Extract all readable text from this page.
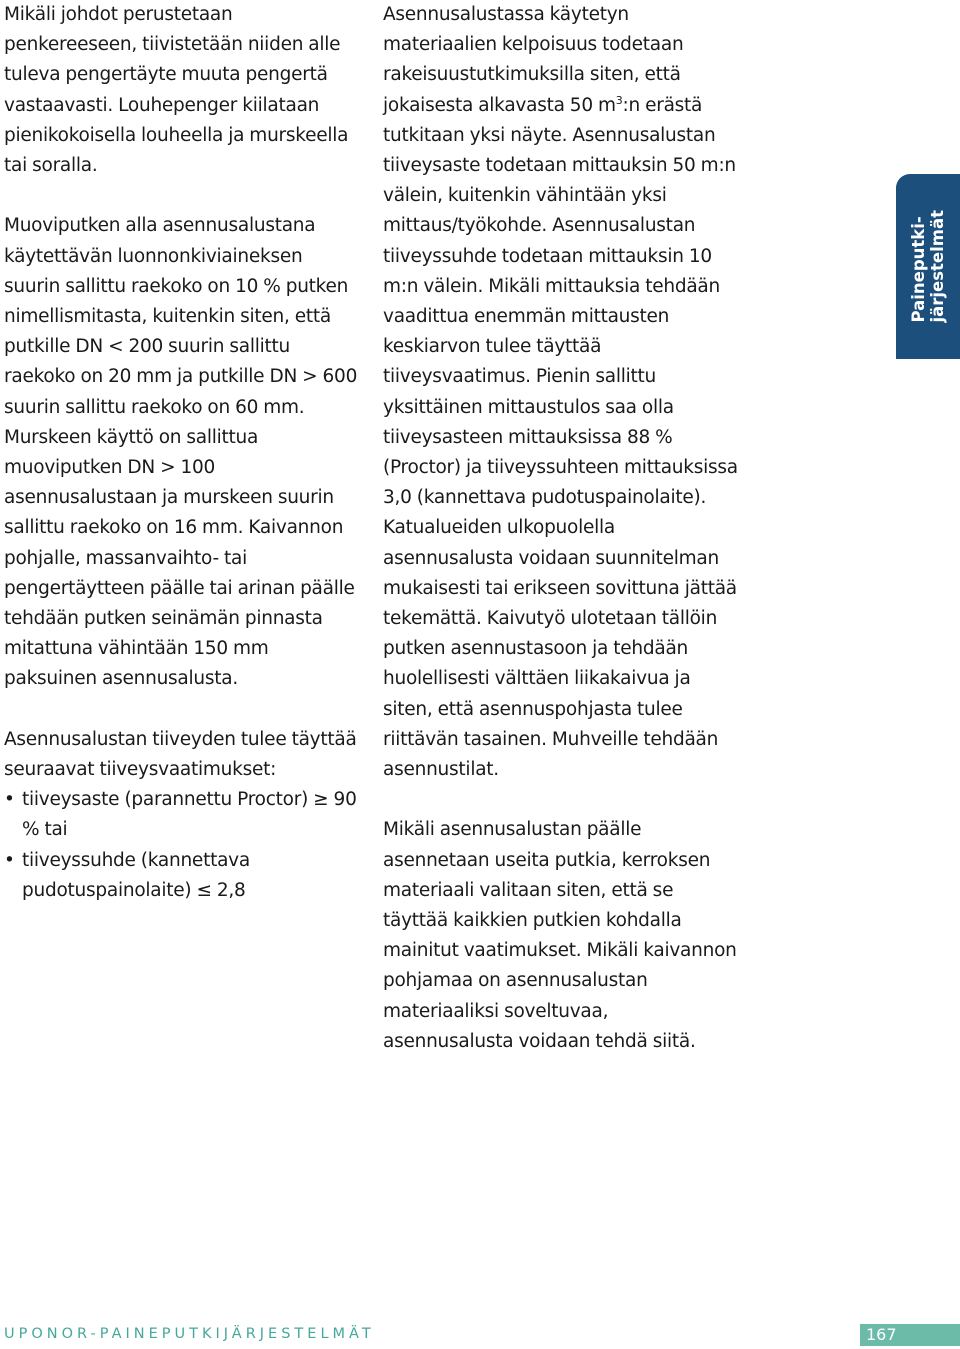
Mikäli johdot perustetaan penkereeseen, tiivistetään niiden alle tuleva pengertäyte muuta pengertä vastaavasti. Louhepenger kiilataan pienikokoisella louheella ja murskeella tai soralla.

Muoviputken alla asennusalustana käytettävän luonnonkiviaineksen suurin sallittu raekoko on 10 % putken nimellismitasta, kuitenkin siten, että putkille DN < 200 suurin sallittu raekoko on 20 mm ja putkille DN > 600 suurin sallittu raekoko on 60 mm. Murskeen käyttö on sallittua muoviputken DN > 100 asennusalustaan ja murskeen suurin sallittu raekoko on 16 mm. Kaivannon pohjalle, massanvaihto- tai pengertäytteen päälle tai arinan päälle tehdään putken seinämän pinnasta mitattuna vähintään 150 mm paksuinen asennusalusta.

Asennusalustan tiiveyden tulee täyttää seuraavat tiiveysvaatimukset:

• tiiveysaste (parannettu Proctor) ≥ 90 % tai
• tiiveyssuhde (kannettava pudotuspainolaite) ≤ 2,8

Asennusalustassa käytetyn materiaalien kelpoisuus todetaan rakeisuustutkimuksilla siten, että jokaisesta alkavasta 50 $m^3:n$ erästä tutkitaan yksi näyte. Asennusalustan tiiveysaste todetaan mittauksin 50 m:n välein, kuitenkin vähintään yksi mittaus/työkohde. Asennusalustan tiiveyssuhde todetaan mittauksin 10 m:n välein. Mikäli mittauksia tehdään vaadittua enemmän mittausten keskiarvon tulee täyttää tiiveysvaatimus. Pienin sallittu yksittäinen mittaustulos saa olla tiiveysasteen mittauksissa 88 % (Proctor) ja tiiveyssuhteen mittauksissa 3,0 (kannettava pudotuspainolaite). Katualueiden ulkopuolella asennusalusta voidaan suunnitelman mukaisesti tai erikseen sovittuna jättää tekemättä. Kaivutyö ulotetaan tällöin putken asennustasoon ja tehdään huolellisesti välttäen liikakaivua ja siten, että asennuspohjasta tulee riittävän tasainen. Muhveille tehdään asennustilat.

Mikäli asennusalustan päälle asennetaan useita putkia, kerroksen materiaali valitaan siten, että se täyttää kaikkien putkien kohdalla mainitut vaatimukset. Mikäli kaivannon pohjamaa on asennusalustan materiaaliksi soveltuvaa, asennusalusta voidaan tehdä siitä.

Paineputki-
järjestelmät
UPONOR-PAINEPUTKIJÄRJESTELMÄT	167
